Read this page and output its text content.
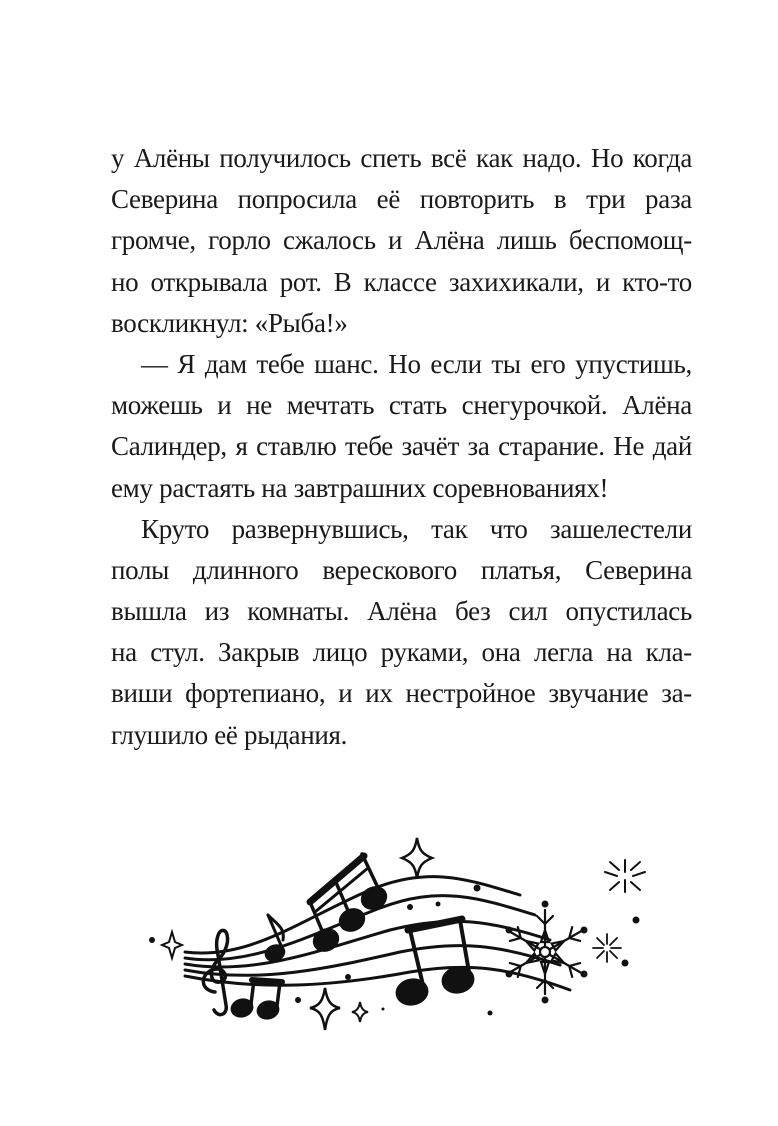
у Алёны получилось спеть всё как надо. Но когда
Северина попросила её повторить в три раза
громче, горло сжалось и Алёна лишь беспомощ-
но открывала рот. В классе захихикали, и кто-то
воскликнул: «Рыба!»
— Я дам тебе шанс. Но если ты его упустишь,
можешь и не мечтать стать снегурочкой. Алёна
Салиндер, я ставлю тебе зачёт за старание. Не дай
ему растаять на завтрашних соревнованиях!
Круто развернувшись, так что зашелестели
полы длинного верескового платья, Северина
вышла из комнаты. Алёна без сил опустилась
на стул. Закрыв лицо руками, она легла на кла-
виши фортепиано, и их нестройное звучание за-
глушило её рыдания.
